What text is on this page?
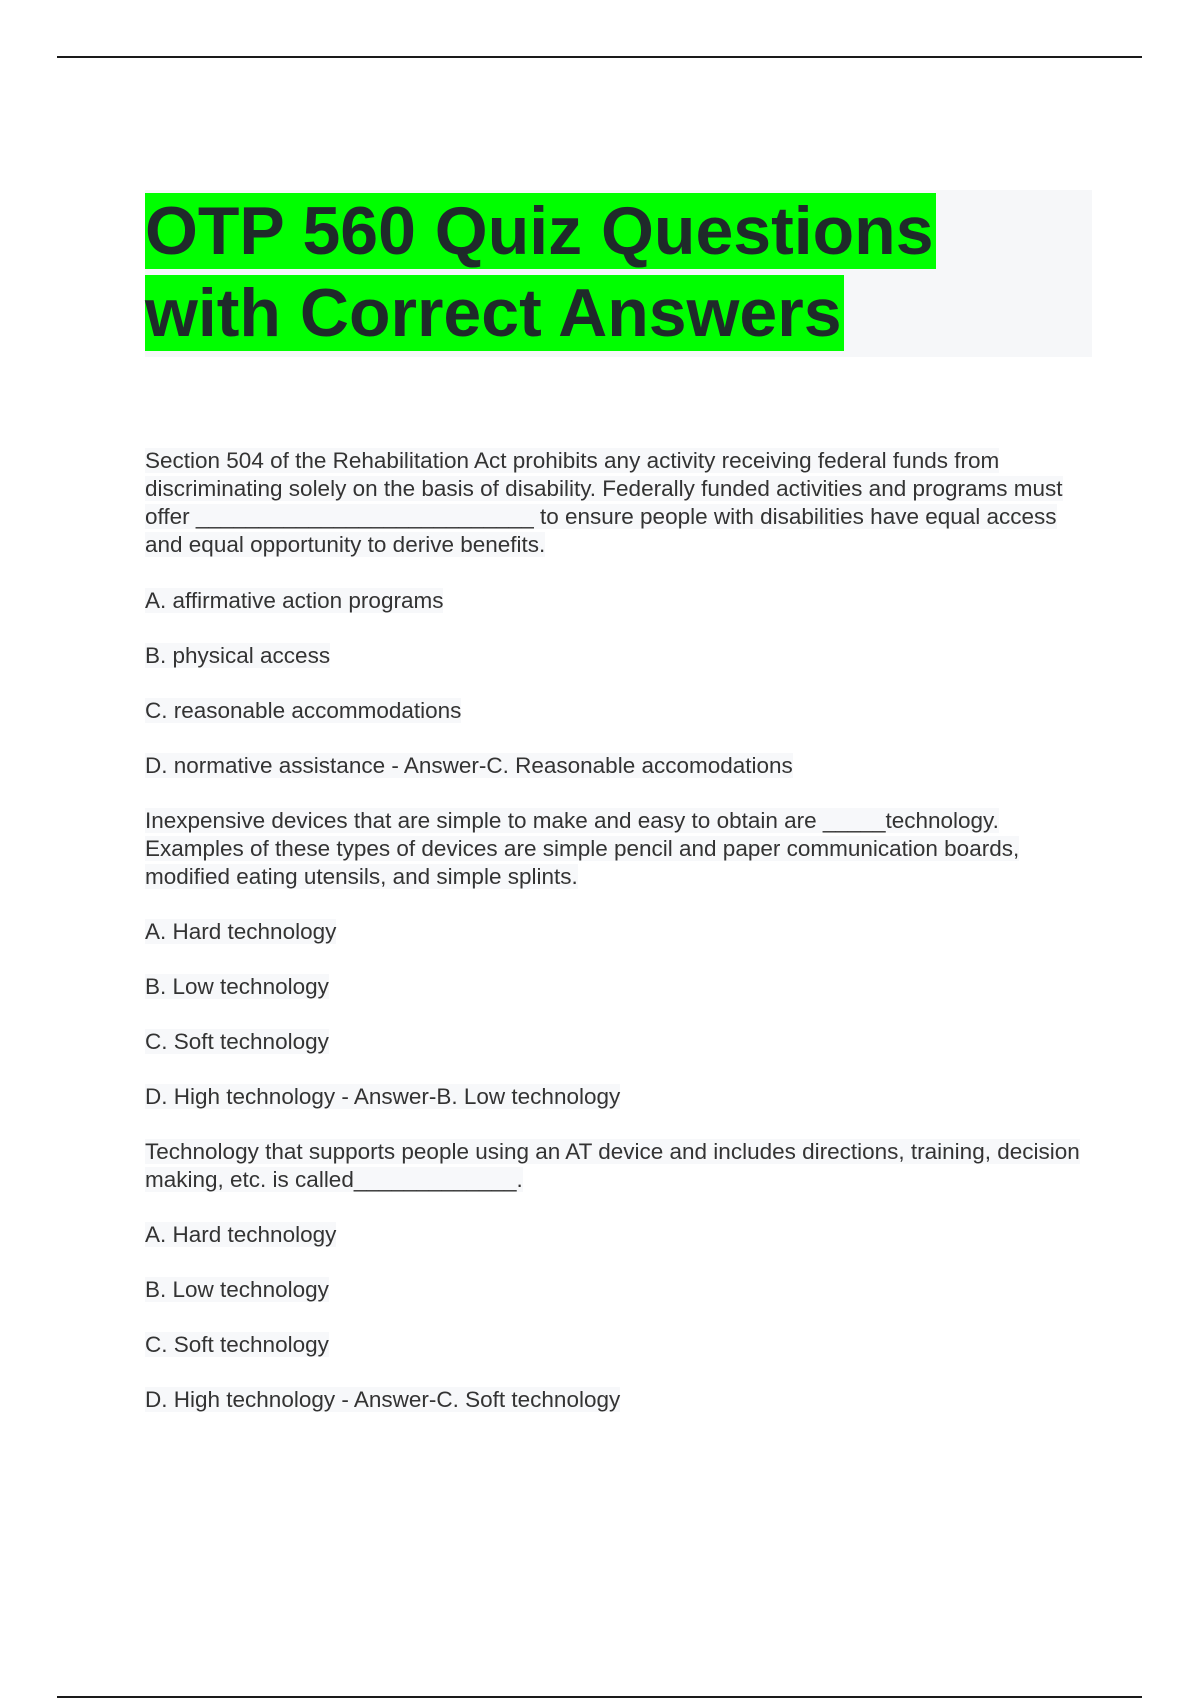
OTP 560 Quiz Questions
with Correct Answers
Section 504 of the Rehabilitation Act prohibits any activity receiving federal funds from discriminating solely on the basis of disability. Federally funded activities and programs must offer ___________________________ to ensure people with disabilities have equal access and equal opportunity to derive benefits.
A. affirmative action programs
B. physical access
C. reasonable accommodations
D. normative assistance - Answer-C. Reasonable accomodations
Inexpensive devices that are simple to make and easy to obtain are _____technology. Examples of these types of devices are simple pencil and paper communication boards, modified eating utensils, and simple splints.
A. Hard technology
B. Low technology
C. Soft technology
D. High technology - Answer-B. Low technology
Technology that supports people using an AT device and includes directions, training, decision making, etc. is called_____________.
A. Hard technology
B. Low technology
C. Soft technology
D. High technology - Answer-C. Soft technology
